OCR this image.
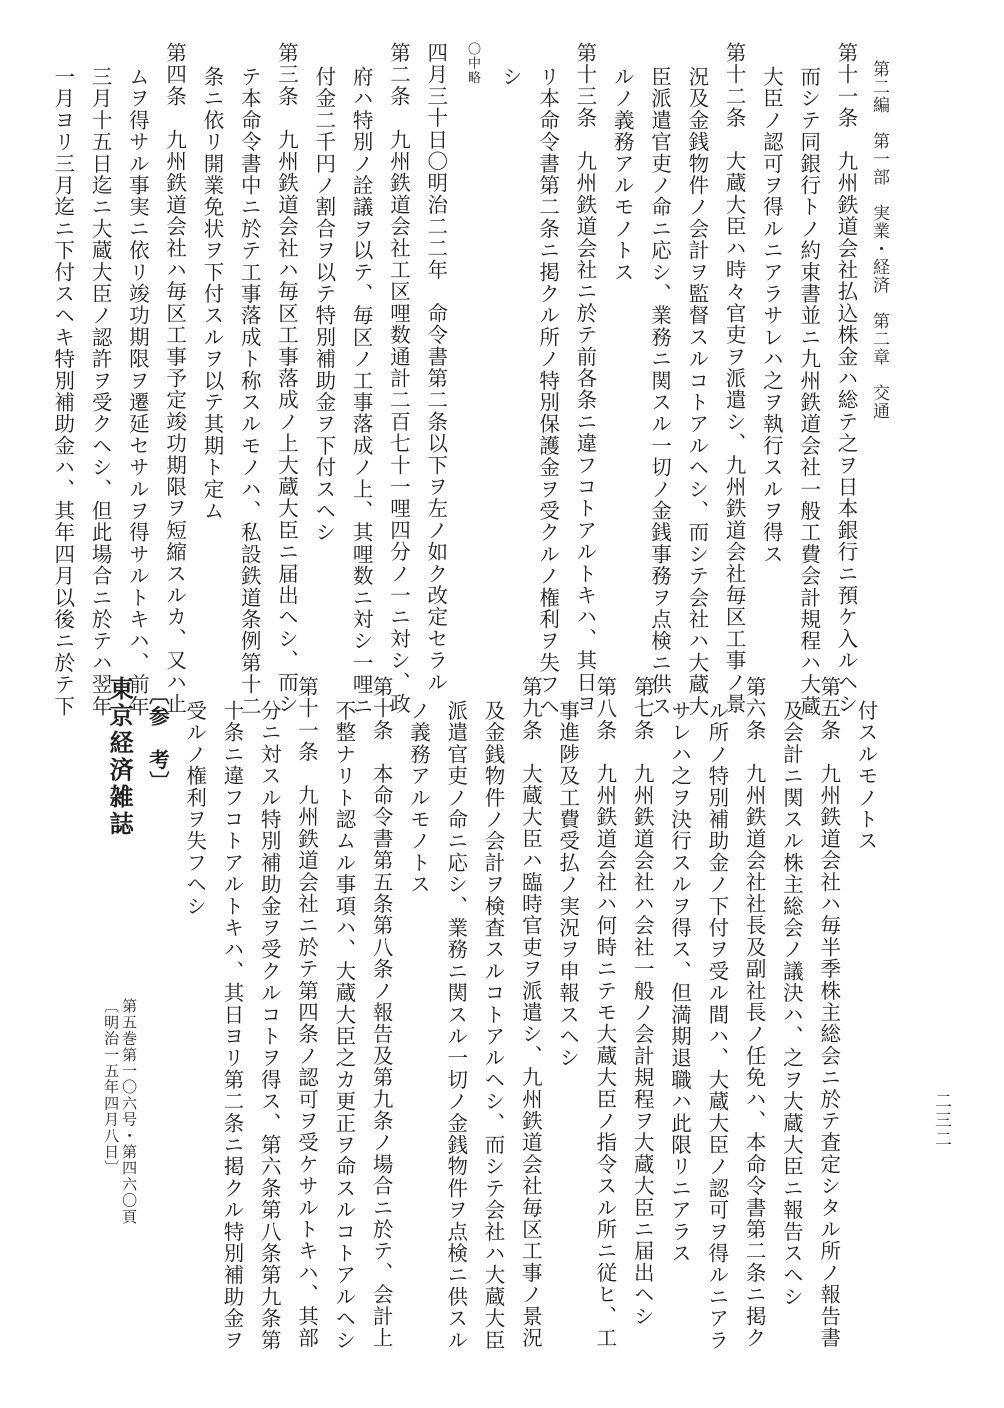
第二編　第一部　実業・経済　第二章　交通
二三二

第十一条　九州鉄道会社払込株金ハ総テ之ヲ日本銀行ニ預ケ入ルヘシ

而シテ同銀行トノ約束書並ニ九州鉄道会社一般工費会計規程ハ大蔵

大臣ノ認可ヲ得ルニアラサレハ之ヲ執行スルヲ得ス

第十二条　大蔵大臣ハ時々官吏ヲ派遣シ、九州鉄道会社毎区工事ノ景

況及金銭物件ノ会計ヲ監督スルコトアルヘシ、而シテ会社ハ大蔵大

臣派遣官吏ノ命ニ応シ、業務ニ関スル一切ノ金銭事務ヲ点検ニ供ス

ルノ義務アルモノトス

第十三条　九州鉄道会社ニ於テ前各条ニ違フコトアルトキハ、其日ヨ

リ本命令書第二条ニ掲クル所ノ特別保護金ヲ受クルノ権利ヲ失フヘ

シ

〇中略

四月三十日〇明治二二年　命令書第二条以下ヲ左ノ如ク改定セラル

第二条　九州鉄道会社工区哩数通計二百七十一哩四分ノ一ニ対シ、政

府ハ特別ノ詮議ヲ以テ、毎区ノ工事落成ノ上、其哩数ニ対シ一哩ニ

付金二千円ノ割合ヲ以テ特別補助金ヲ下付スヘシ

第三条　九州鉄道会社ハ毎区工事落成ノ上大蔵大臣ニ届出ヘシ、而シ

テ本命令書中ニ於テ工事落成ト称スルモノハ、私設鉄道条例第十二

条ニ依リ開業免状ヲ下付スルヲ以テ其期ト定ム

第四条　九州鉄道会社ハ毎区工事予定竣功期限ヲ短縮スルカ、又ハ止

ムヲ得サル事実ニ依リ竣功期限ヲ遷延セサルヲ得サルトキハ、前年

三月十五日迄ニ大蔵大臣ノ認許ヲ受クヘシ、但此場合ニ於テハ翌年

一月ヨリ三月迄ニ下付スヘキ特別補助金ハ、其年四月以後ニ於テ下

付スルモノトス

第五条　九州鉄道会社ハ毎半季株主総会ニ於テ査定シタル所ノ報告書

及会計ニ関スル株主総会ノ議決ハ、之ヲ大蔵大臣ニ報告スヘシ

第六条　九州鉄道会社社長及副社長ノ任免ハ、本命令書第二条ニ掲ク

ル所ノ特別補助金ノ下付ヲ受ル間ハ、大蔵大臣ノ認可ヲ得ルニアラ

サレハ之ヲ決行スルヲ得ス、但満期退職ハ此限リニアラス

第七条　九州鉄道会社ハ会社一般ノ会計規程ヲ大蔵大臣ニ届出ヘシ

第八条　九州鉄道会社ハ何時ニテモ大蔵大臣ノ指令スル所ニ従ヒ、工

事進陟及工費受払ノ実況ヲ申報スヘシ

第九条　大蔵大臣ハ臨時官吏ヲ派遣シ、九州鉄道会社毎区工事ノ景況

及金銭物件ノ会計ヲ検査スルコトアルヘシ、而シテ会社ハ大蔵大臣

派遣官吏ノ命ニ応シ、業務ニ関スル一切ノ金銭物件ヲ点検ニ供スル

ノ義務アルモノトス

第十条　本命令書第五条第八条ノ報告及第九条ノ場合ニ於テ、会計上

不整ナリト認ムル事項ハ、大蔵大臣之カ更正ヲ命スルコトアルヘシ

第十一条　九州鉄道会社ニ於テ第四条ノ認可ヲ受ケサルトキハ、其部

分ニ対スル特別補助金ヲ受クルコトヲ得ス、第六条第八条第九条第

十条ニ違フコトアルトキハ、其日ヨリ第二条ニ掲クル特別補助金ヲ

受ルノ権利ヲ失フヘシ

〔参　考〕

東京経済雑誌

第五巻第一〇六号・第四六〇頁
〔明治一五年四月八日〕
